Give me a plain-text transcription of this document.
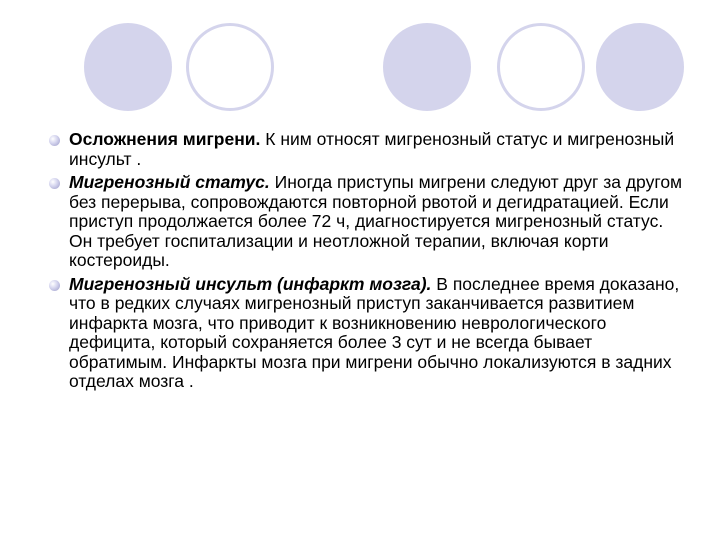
Осложнения мигрени. К ним относят мигренозный статус и мигренозный инсульт .
Мигренозный статус. Иногда приступы мигрени следуют друг за другом без перерыва, сопровождаются повторной рвотой и дегидратацией. Если приступ продолжается более 72 ч, диагностируется мигренозный статус. Он требует госпитализации и неотложной терапии, включая корти костероиды.
Мигренозный инсульт (инфаркт мозга). В последнее время доказано, что в редких случаях мигренозный приступ заканчивается развитием инфаркта мозга, что приводит к возникновению неврологического дефицита, который сохраняется более 3 сут и не всегда бывает обратимым. Инфаркты мозга при мигрени обычно локализуются в задних отделах мозга .
